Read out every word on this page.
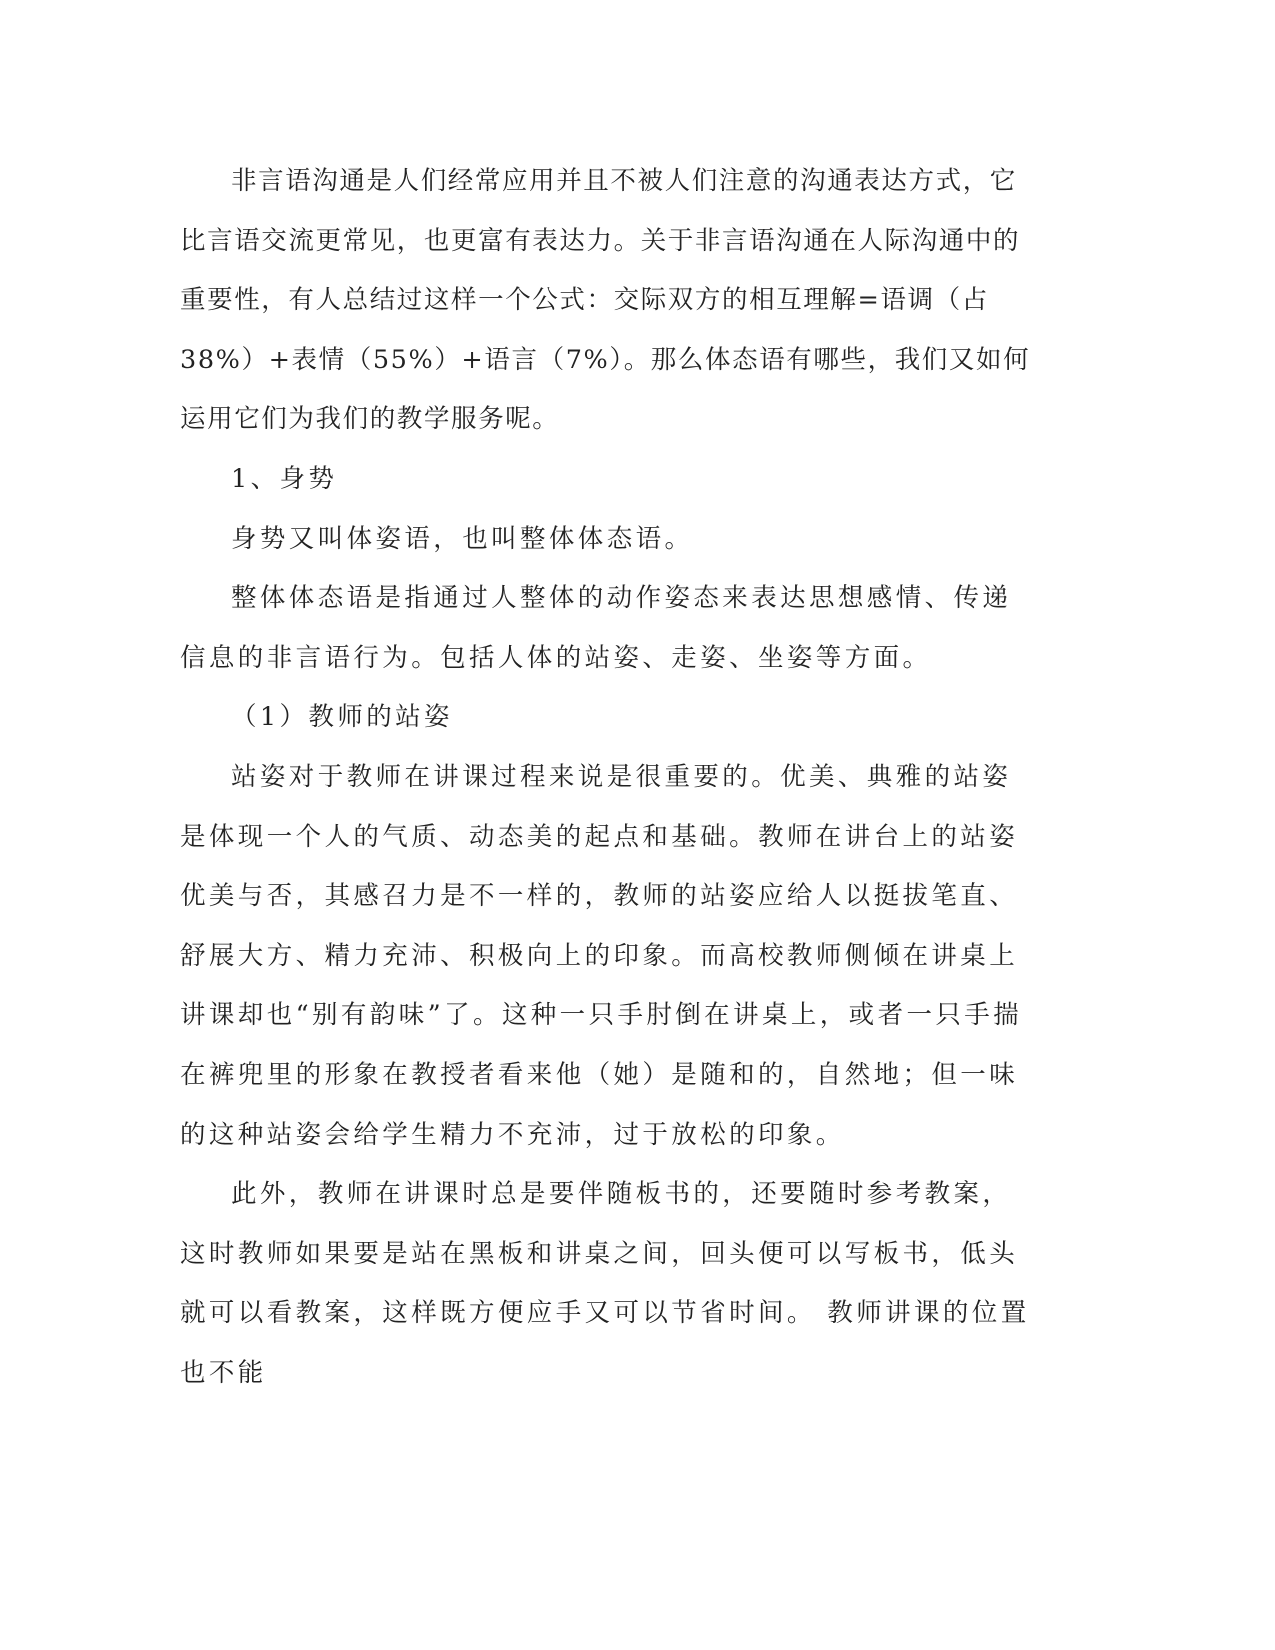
非言语沟通是人们经常应用并且不被人们注意的沟通表达方式，它比言语交流更常见，也更富有表达力。关于非言语沟通在人际沟通中的重要性，有人总结过这样一个公式：交际双方的相互理解=语调（占38%）+表情（55%）+语言（7%）。那么体态语有哪些，我们又如何运用它们为我们的教学服务呢。

1、身势

身势又叫体姿语，也叫整体体态语。

整体体态语是指通过人整体的动作姿态来表达思想感情、传递信息的非言语行为。包括人体的站姿、走姿、坐姿等方面。

（1）教师的站姿

站姿对于教师在讲课过程来说是很重要的。优美、典雅的站姿是体现一个人的气质、动态美的起点和基础。教师在讲台上的站姿优美与否，其感召力是不一样的，教师的站姿应给人以挺拔笔直、舒展大方、精力充沛、积极向上的印象。而高校教师侧倾在讲桌上讲课却也“别有韵味”了。这种一只手肘倒在讲桌上，或者一只手揣在裤兜里的形象在教授者看来他（她）是随和的，自然地；但一味的这种站姿会给学生精力不充沛，过于放松的印象。

此外，教师在讲课时总是要伴随板书的，还要随时参考教案，这时教师如果要是站在黑板和讲桌之间，回头便可以写板书，低头就可以看教案，这样既方便应手又可以节省时间。 教师讲课的位置也不能
